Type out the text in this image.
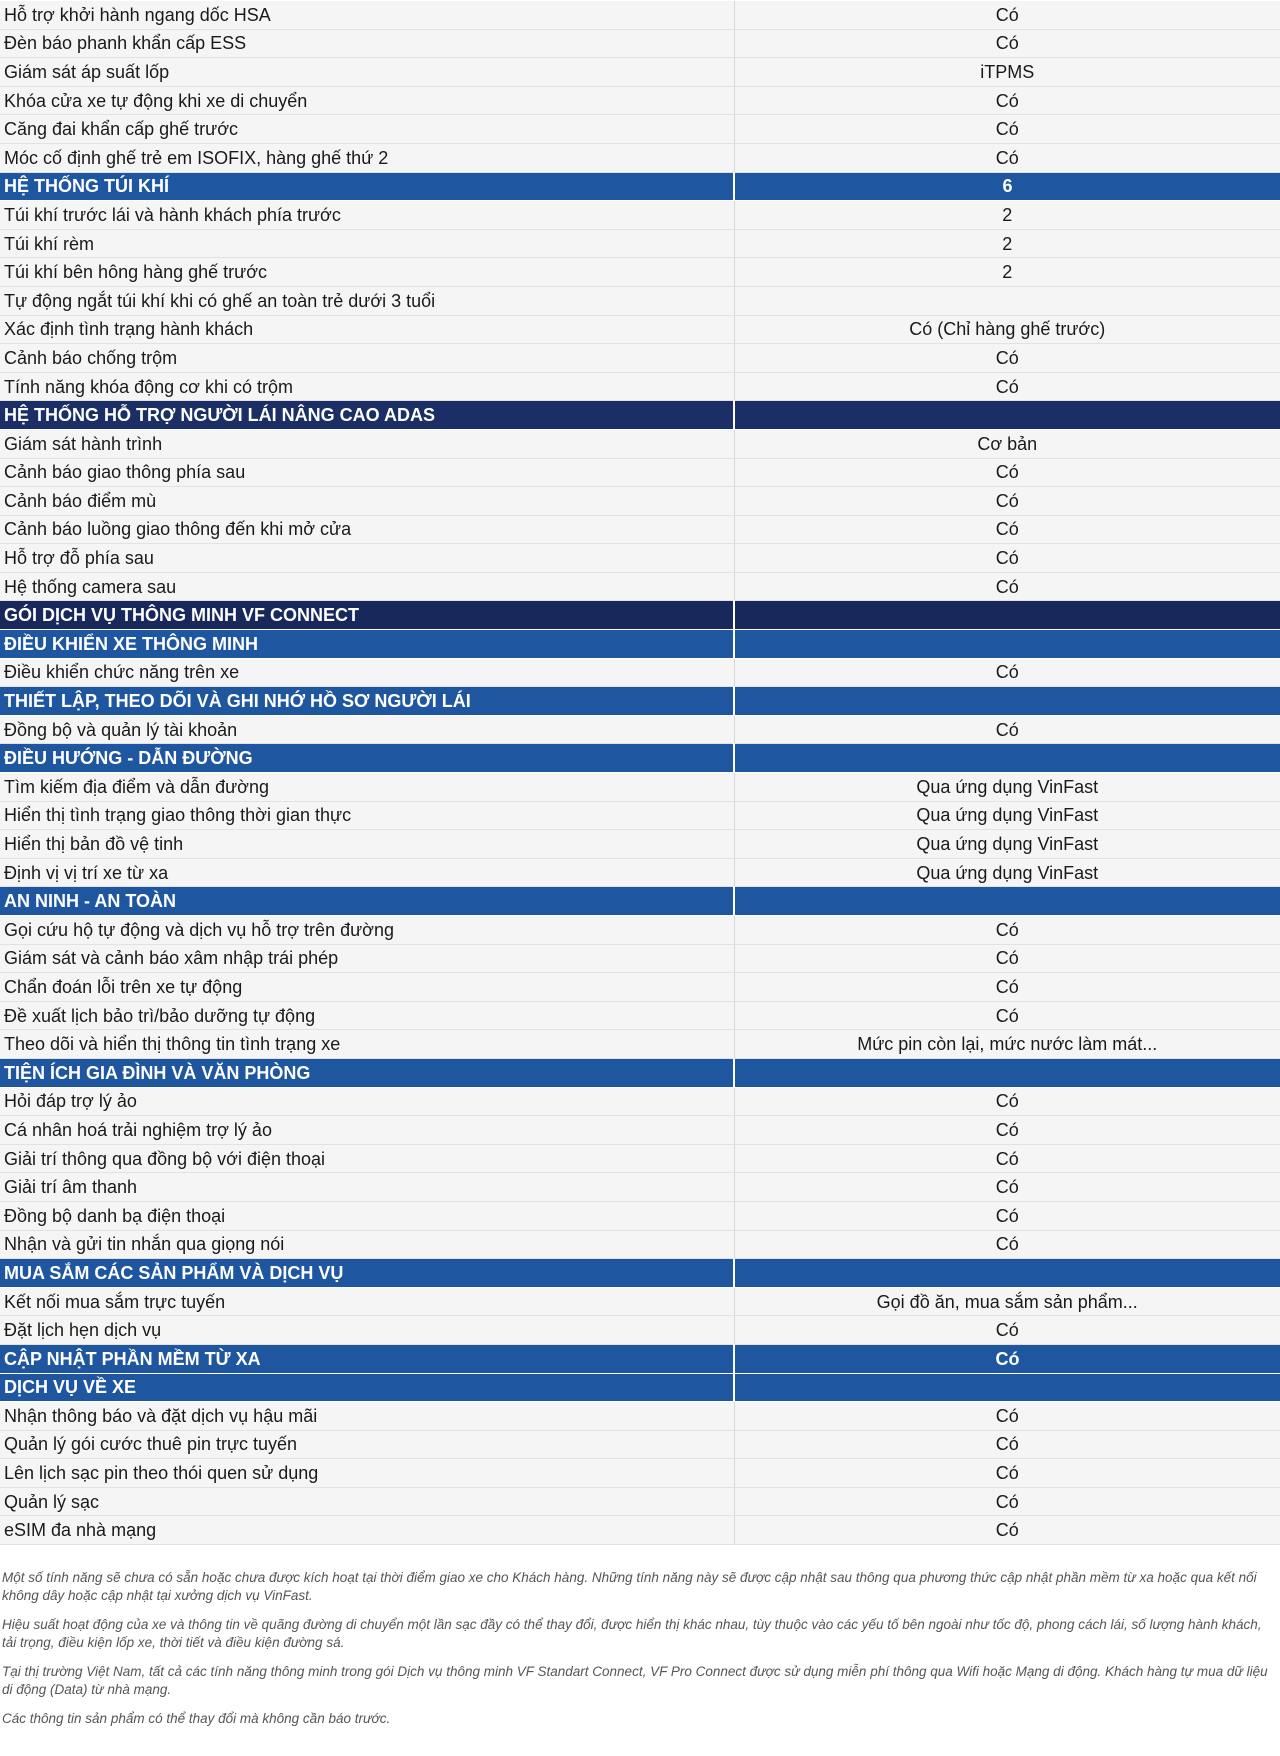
Hỗ trợ khởi hành ngang dốc HSA	Có
Đèn báo phanh khẩn cấp ESS	Có
Giám sát áp suất lốp	iTPMS
Khóa cửa xe tự động khi xe di chuyển	Có
Căng đai khẩn cấp ghế trước	Có
Móc cố định ghế trẻ em ISOFIX, hàng ghế thứ 2	Có
HỆ THỐNG TÚI KHÍ	6
Túi khí trước lái và hành khách phía trước	2
Túi khí rèm	2
Túi khí bên hông hàng ghế trước	2
Tự động ngắt túi khí khi có ghế an toàn trẻ dưới 3 tuổi	
Xác định tình trạng hành khách	Có (Chỉ hàng ghế trước)
Cảnh báo chống trộm	Có
Tính năng khóa động cơ khi có trộm	Có
HỆ THỐNG HỖ TRỢ NGƯỜI LÁI NÂNG CAO ADAS	
Giám sát hành trình	Cơ bản
Cảnh báo giao thông phía sau	Có
Cảnh báo điểm mù	Có
Cảnh báo luồng giao thông đến khi mở cửa	Có
Hỗ trợ đỗ phía sau	Có
Hệ thống camera sau	Có
GÓI DỊCH VỤ THÔNG MINH VF CONNECT	
ĐIỀU KHIỂN XE THÔNG MINH	
Điều khiển chức năng trên xe	Có
THIẾT LẬP, THEO DÕI VÀ GHI NHỚ HỒ SƠ NGƯỜI LÁI	
Đồng bộ và quản lý tài khoản	Có
ĐIỀU HƯỚNG - DẪN ĐƯỜNG	
Tìm kiếm địa điểm và dẫn đường	Qua ứng dụng VinFast
Hiển thị tình trạng giao thông thời gian thực	Qua ứng dụng VinFast
Hiển thị bản đồ vệ tinh	Qua ứng dụng VinFast
Định vị vị trí xe từ xa	Qua ứng dụng VinFast
AN NINH - AN TOÀN	
Gọi cứu hộ tự động và dịch vụ hỗ trợ trên đường	Có
Giám sát và cảnh báo xâm nhập trái phép	Có
Chẩn đoán lỗi trên xe tự động	Có
Đề xuất lịch bảo trì/bảo dưỡng tự động	Có
Theo dõi và hiển thị thông tin tình trạng xe	Mức pin còn lại, mức nước làm mát...
TIỆN ÍCH GIA ĐÌNH VÀ VĂN PHÒNG	
Hỏi đáp trợ lý ảo	Có
Cá nhân hoá trải nghiệm trợ lý ảo	Có
Giải trí thông qua đồng bộ với điện thoại	Có
Giải trí âm thanh	Có
Đồng bộ danh bạ điện thoại	Có
Nhận và gửi tin nhắn qua giọng nói	Có
MUA SẮM CÁC SẢN PHẨM VÀ DỊCH VỤ	
Kết nối mua sắm trực tuyến	Gọi đồ ăn, mua sắm sản phẩm...
Đặt lịch hẹn dịch vụ	Có
CẬP NHẬT PHẦN MỀM TỪ XA	Có
DỊCH VỤ VỀ XE	
Nhận thông báo và đặt dịch vụ hậu mãi	Có
Quản lý gói cước thuê pin trực tuyến	Có
Lên lịch sạc pin theo thói quen sử dụng	Có
Quản lý sạc	Có
eSIM đa nhà mạng	Có

Một số tính năng sẽ chưa có sẵn hoặc chưa được kích hoạt tại thời điểm giao xe cho Khách hàng. Những tính năng này sẽ được cập nhật sau thông qua phương thức cập nhật phần mềm từ xa hoặc qua kết nối không dây hoặc cập nhật tại xưởng dịch vụ VinFast.

Hiệu suất hoạt động của xe và thông tin về quãng đường di chuyển một lần sạc đầy có thể thay đổi, được hiển thị khác nhau, tùy thuộc vào các yếu tố bên ngoài như tốc độ, phong cách lái, số lượng hành khách, tải trọng, điều kiện lốp xe, thời tiết và điều kiện đường sá.

Tại thị trường Việt Nam, tất cả các tính năng thông minh trong gói Dịch vụ thông minh VF Standart Connect, VF Pro Connect được sử dụng miễn phí thông qua Wifi hoặc Mạng di động. Khách hàng tự mua dữ liệu di động (Data) từ nhà mạng.

Các thông tin sản phẩm có thể thay đổi mà không cần báo trước.
